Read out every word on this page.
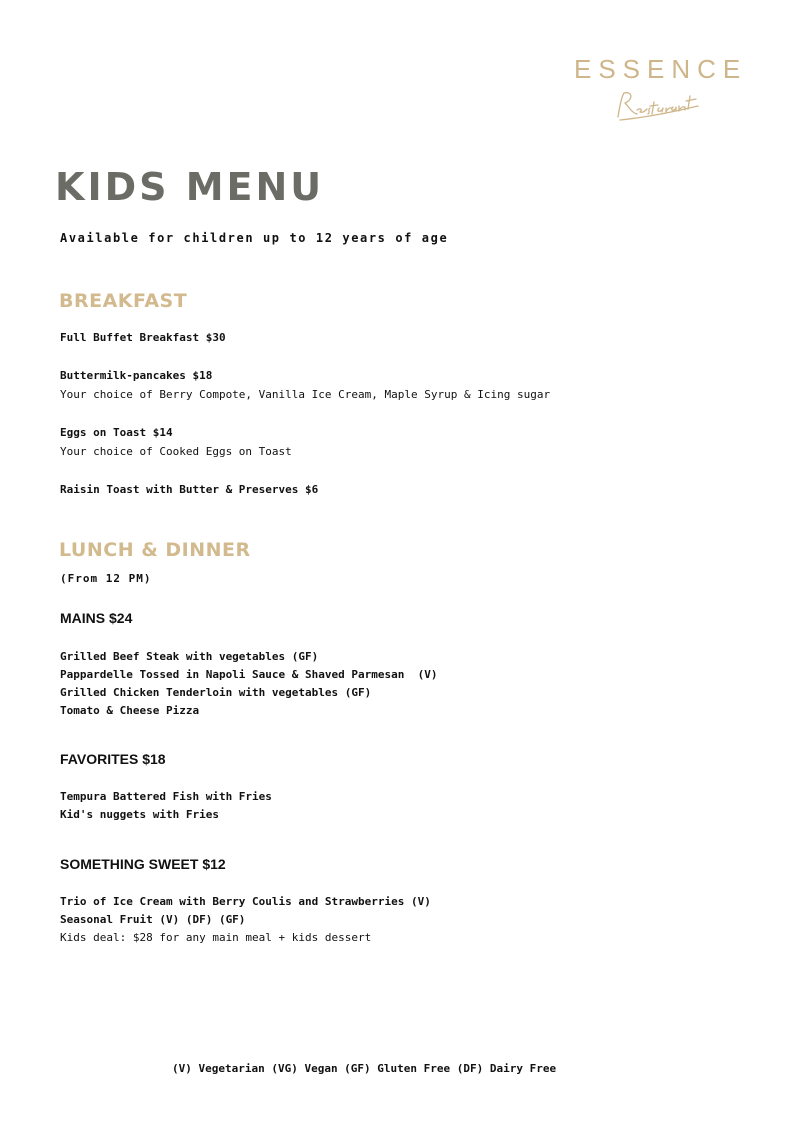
ESSENCE
KIDS MENU
Available for children up to 12 years of age
BREAKFAST
Full Buffet Breakfast $30
Buttermilk-pancakes $18
Your choice of Berry Compote, Vanilla Ice Cream, Maple Syrup & Icing sugar
Eggs on Toast $14
Your choice of Cooked Eggs on Toast
Raisin Toast with Butter & Preserves $6
LUNCH & DINNER
(From 12 PM)
MAINS $24
Grilled Beef Steak with vegetables (GF)
Pappardelle Tossed in Napoli Sauce & Shaved Parmesan  (V)
Grilled Chicken Tenderloin with vegetables (GF)
Tomato & Cheese Pizza
FAVORITES $18
Tempura Battered Fish with Fries
Kid's nuggets with Fries
SOMETHING SWEET $12
Trio of Ice Cream with Berry Coulis and Strawberries (V)
Seasonal Fruit (V) (DF) (GF)
Kids deal: $28 for any main meal + kids dessert
(V) Vegetarian (VG) Vegan (GF) Gluten Free (DF) Dairy Free
